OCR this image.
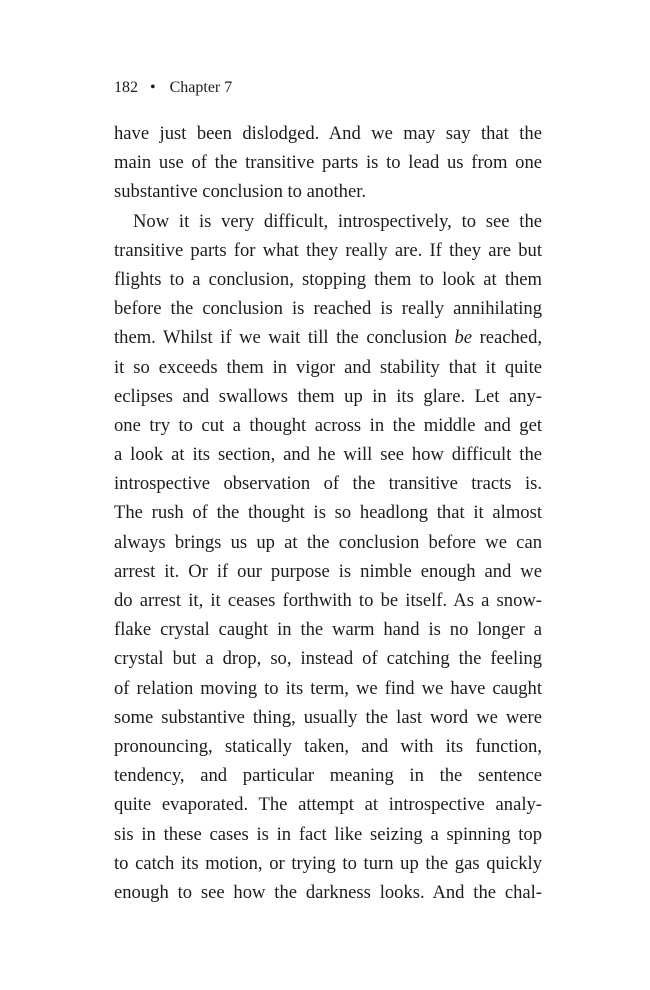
182 • Chapter 7
have just been dislodged. And we may say that the
main use of the transitive parts is to lead us from one
substantive conclusion to another.
Now it is very difficult, introspectively, to see the
transitive parts for what they really are. If they are but
flights to a conclusion, stopping them to look at them
before the conclusion is reached is really annihilating
them. Whilst if we wait till the conclusion be reached,
it so exceeds them in vigor and stability that it quite
eclipses and swallows them up in its glare. Let any-
one try to cut a thought across in the middle and get
a look at its section, and he will see how difficult the
introspective observation of the transitive tracts is.
The rush of the thought is so headlong that it almost
always brings us up at the conclusion before we can
arrest it. Or if our purpose is nimble enough and we
do arrest it, it ceases forthwith to be itself. As a snow-
flake crystal caught in the warm hand is no longer a
crystal but a drop, so, instead of catching the feeling
of relation moving to its term, we find we have caught
some substantive thing, usually the last word we were
pronouncing, statically taken, and with its function,
tendency, and particular meaning in the sentence
quite evaporated. The attempt at introspective analy-
sis in these cases is in fact like seizing a spinning top
to catch its motion, or trying to turn up the gas quickly
enough to see how the darkness looks. And the chal-
